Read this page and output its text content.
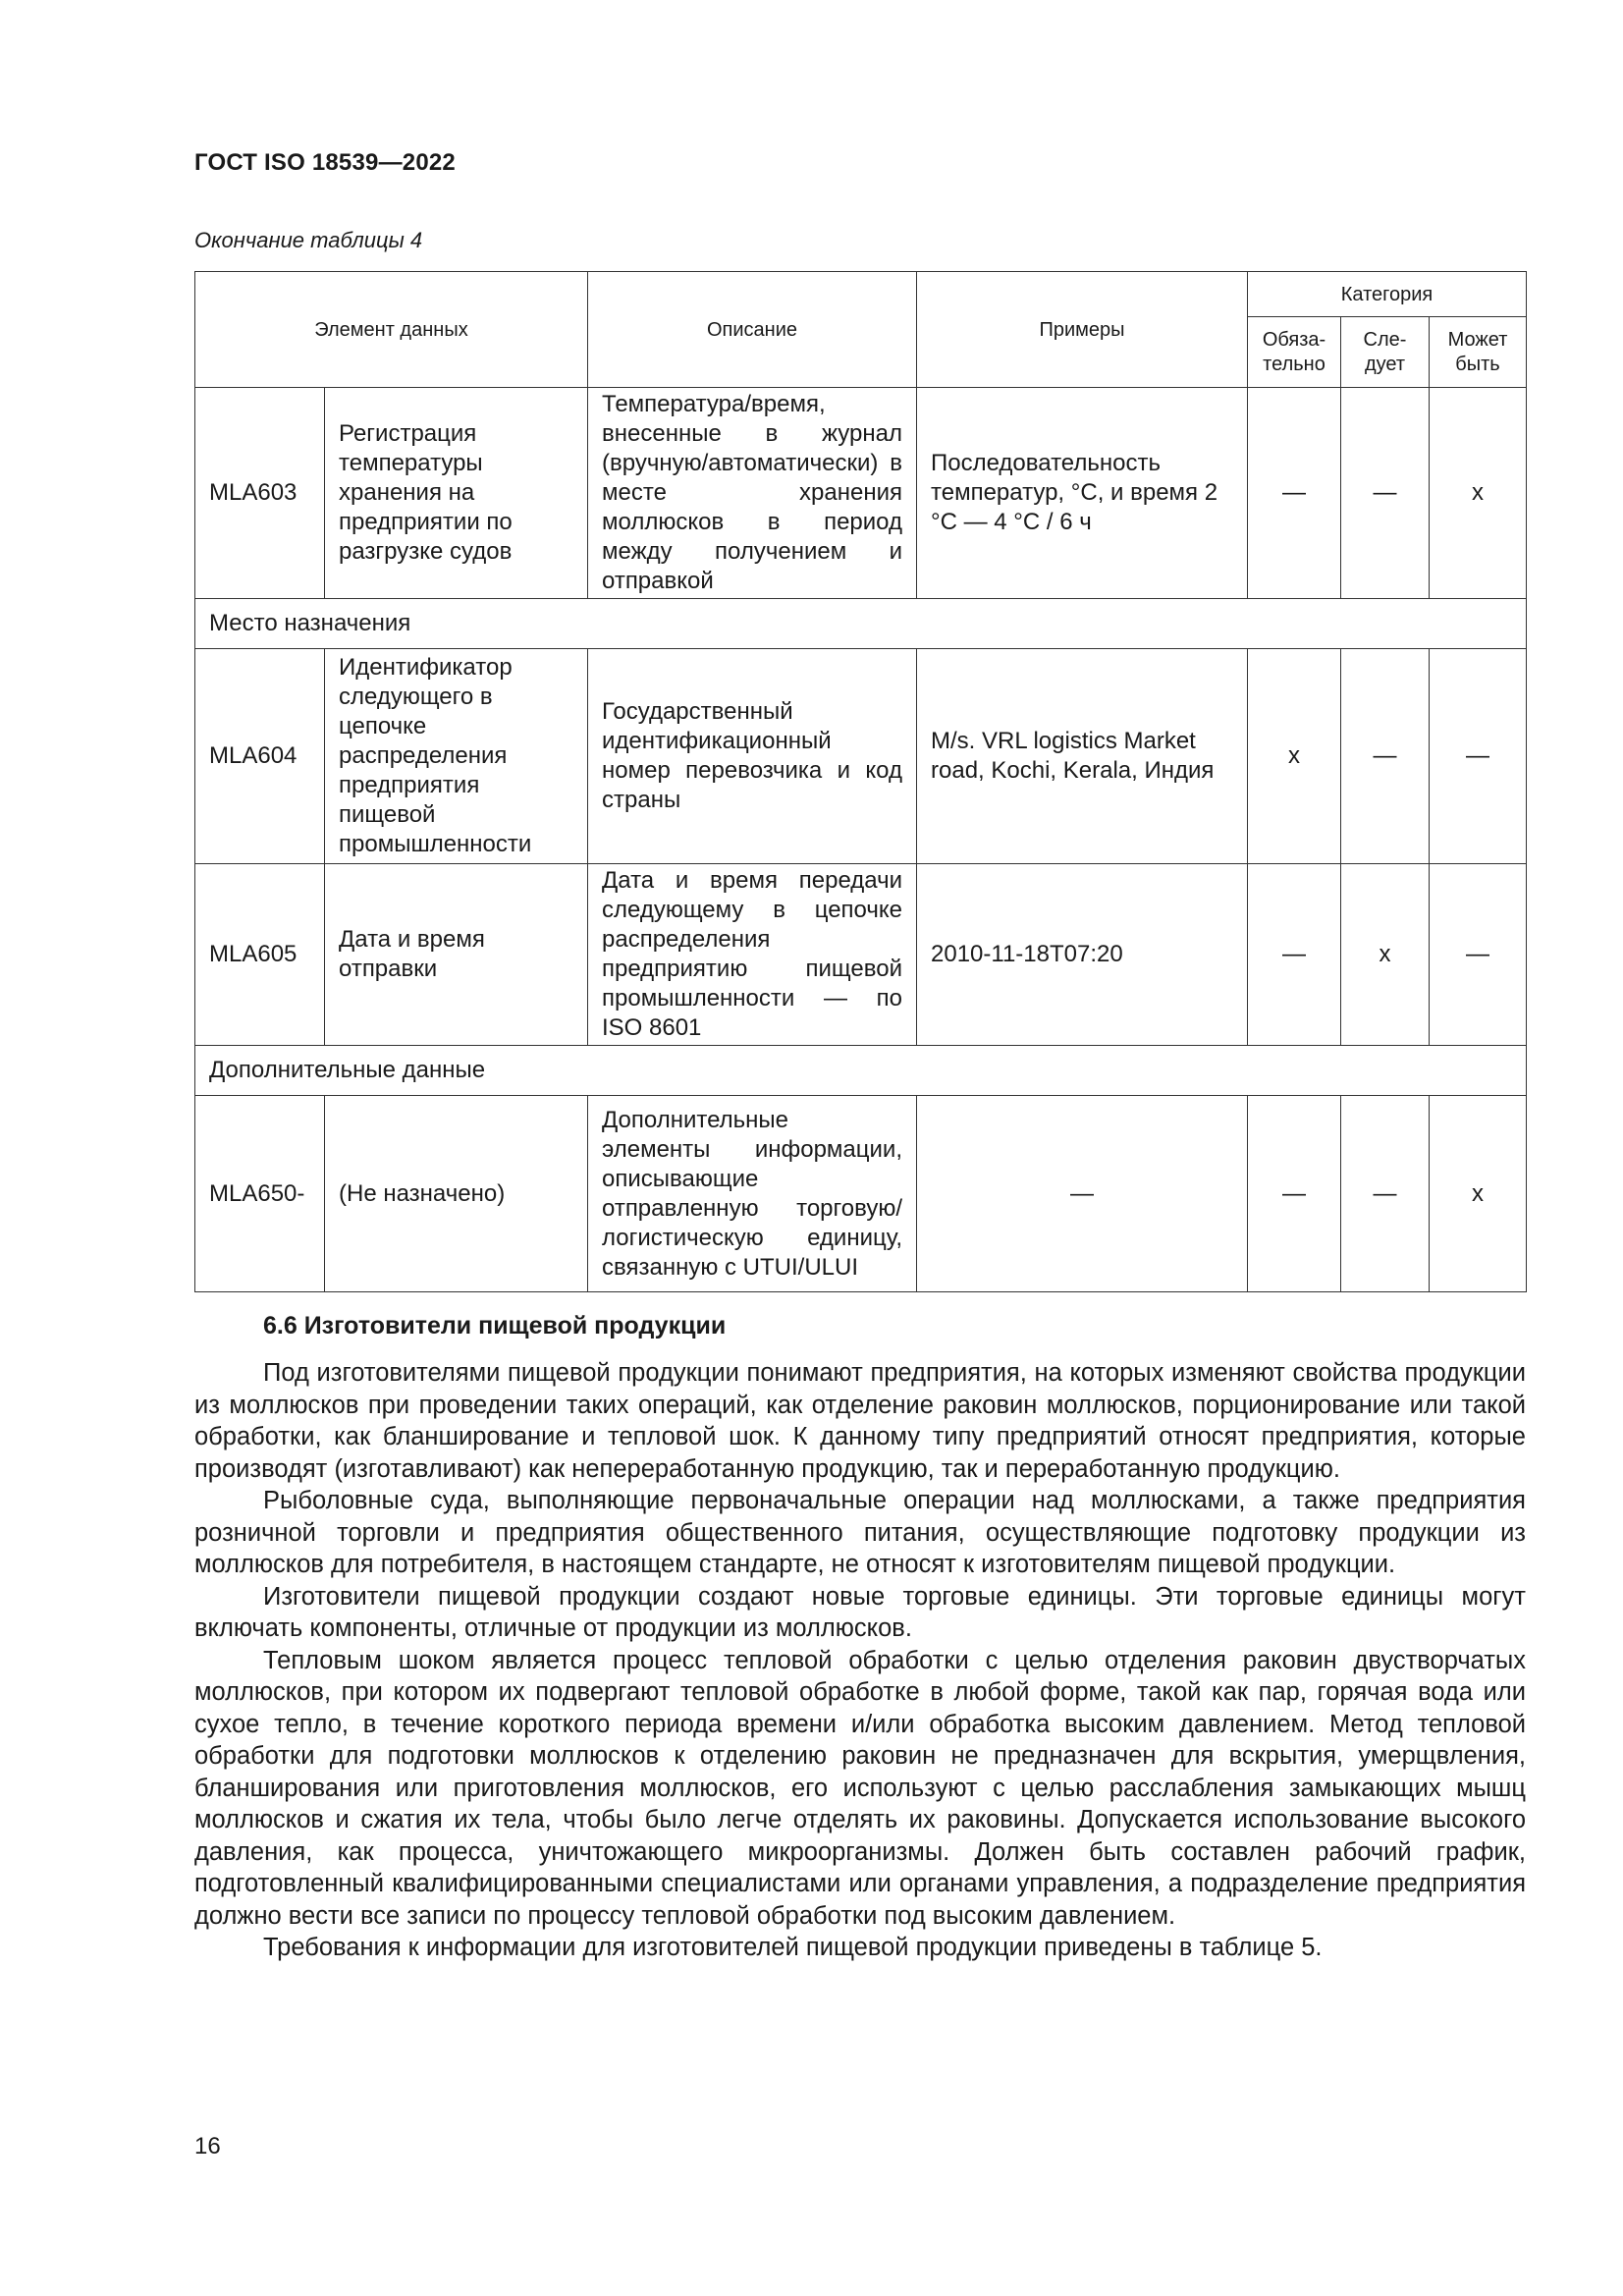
ГОСТ ISO 18539—2022
Окончание таблицы 4
Элемент данных		Описание	Примеры	Категория		
				Обяза-тельно	Сле-дует	Может быть
MLA603	Регистрация температуры хранения на предприятии по разгрузке судов	Температура/время, внесенные в журнал (вручную/автоматически) в месте хранения моллюсков в период между получением и отправкой	Последовательность температур, °С, и время 2 °С — 4 °С / 6 ч	—	—	x
Место назначения						
MLA604	Идентификатор следующего в цепочке распределения предприятия пищевой промышленности	Государственный идентификационный номер перевозчика и код страны	M/s. VRL logistics Market road, Kochi, Kerala, Индия	x	—	—
MLA605	Дата и время отправки	Дата и время передачи следующему в цепочке распределения предприятию пищевой промышленности — по ISO 8601	2010-11-18T07:20	—	x	—
Дополнительные данные						
MLA650-	(Не назначено)	Дополнительные элементы информации, описывающие отправленную торговую/логистическую единицу, связанную с UTUI/ULUI	—	—	—	x
6.6 Изготовители пищевой продукции

Под изготовителями пищевой продукции понимают предприятия, на которых изменяют свойства продукции из моллюсков при проведении таких операций, как отделение раковин моллюсков, порционирование или такой обработки, как бланширование и тепловой шок. К данному типу предприятий относят предприятия, которые производят (изготавливают) как непереработанную продукцию, так и переработанную продукцию.

Рыболовные суда, выполняющие первоначальные операции над моллюсками, а также предприятия розничной торговли и предприятия общественного питания, осуществляющие подготовку продукции из моллюсков для потребителя, в настоящем стандарте, не относят к изготовителям пищевой продукции.

Изготовители пищевой продукции создают новые торговые единицы. Эти торговые единицы могут включать компоненты, отличные от продукции из моллюсков.

Тепловым шоком является процесс тепловой обработки с целью отделения раковин двустворчатых моллюсков, при котором их подвергают тепловой обработке в любой форме, такой как пар, горячая вода или сухое тепло, в течение короткого периода времени и/или обработка высоким давлением. Метод тепловой обработки для подготовки моллюсков к отделению раковин не предназначен для вскрытия, умерщвления, бланширования или приготовления моллюсков, его используют с целью расслабления замыкающих мышц моллюсков и сжатия их тела, чтобы было легче отделять их раковины. Допускается использование высокого давления, как процесса, уничтожающего микроорганизмы. Должен быть составлен рабочий график, подготовленный квалифицированными специалистами или органами управления, а подразделение предприятия должно вести все записи по процессу тепловой обработки под высоким давлением.

Требования к информации для изготовителей пищевой продукции приведены в таблице 5.

16
